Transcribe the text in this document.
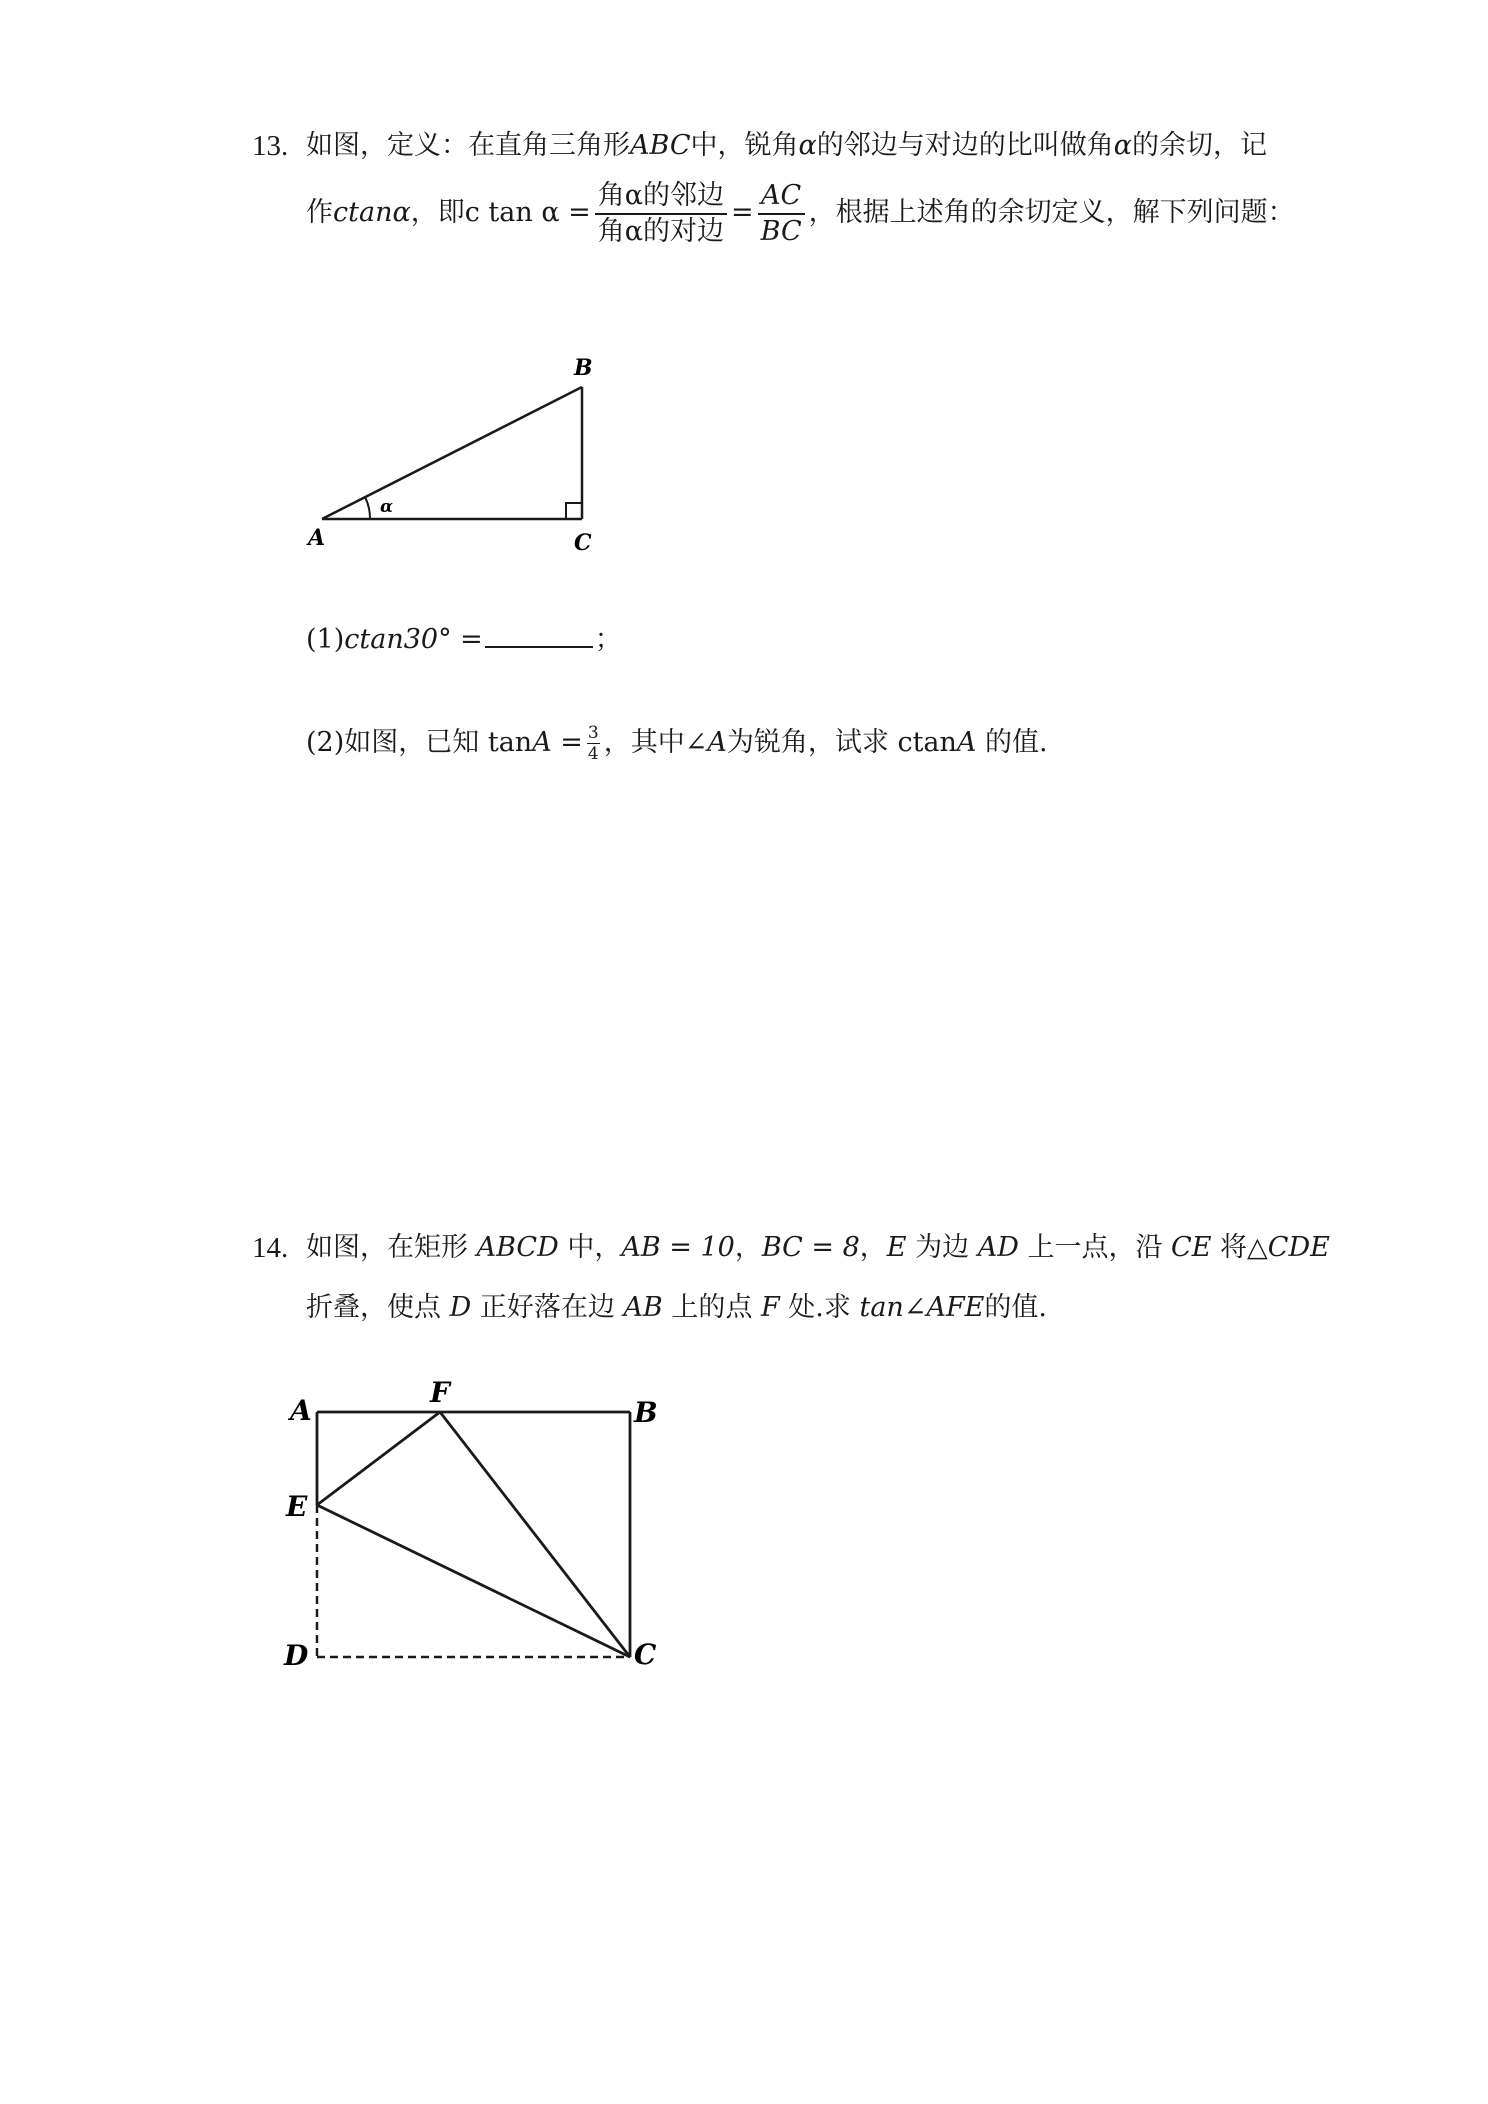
13. 如图，定义：在直角三角形ABC中，锐角α的邻边与对边的比叫做角α的余切，记
作ctanα，即c $\tan \alpha = \frac{\text{角α的邻边}}{\text{角α的对边}} = \frac{AC}{BC}$ ，根据上述角的余切定义，解下列问题：
α
A
B
C
(1)ctan30° =	；
(2)如图，已知 $\tan A = \frac{3}{4}$ ，其中∠A为锐角，试求 ctanA 的值.
14. 如图，在矩形 ABCD 中，AB = 10，BC = 8，E 为边 AD 上一点，沿 CE 将△CDE
折叠，使点 D 正好落在边 AB 上的点 F 处.求 tan∠AFE的值.
A
F
B
E
D	C
